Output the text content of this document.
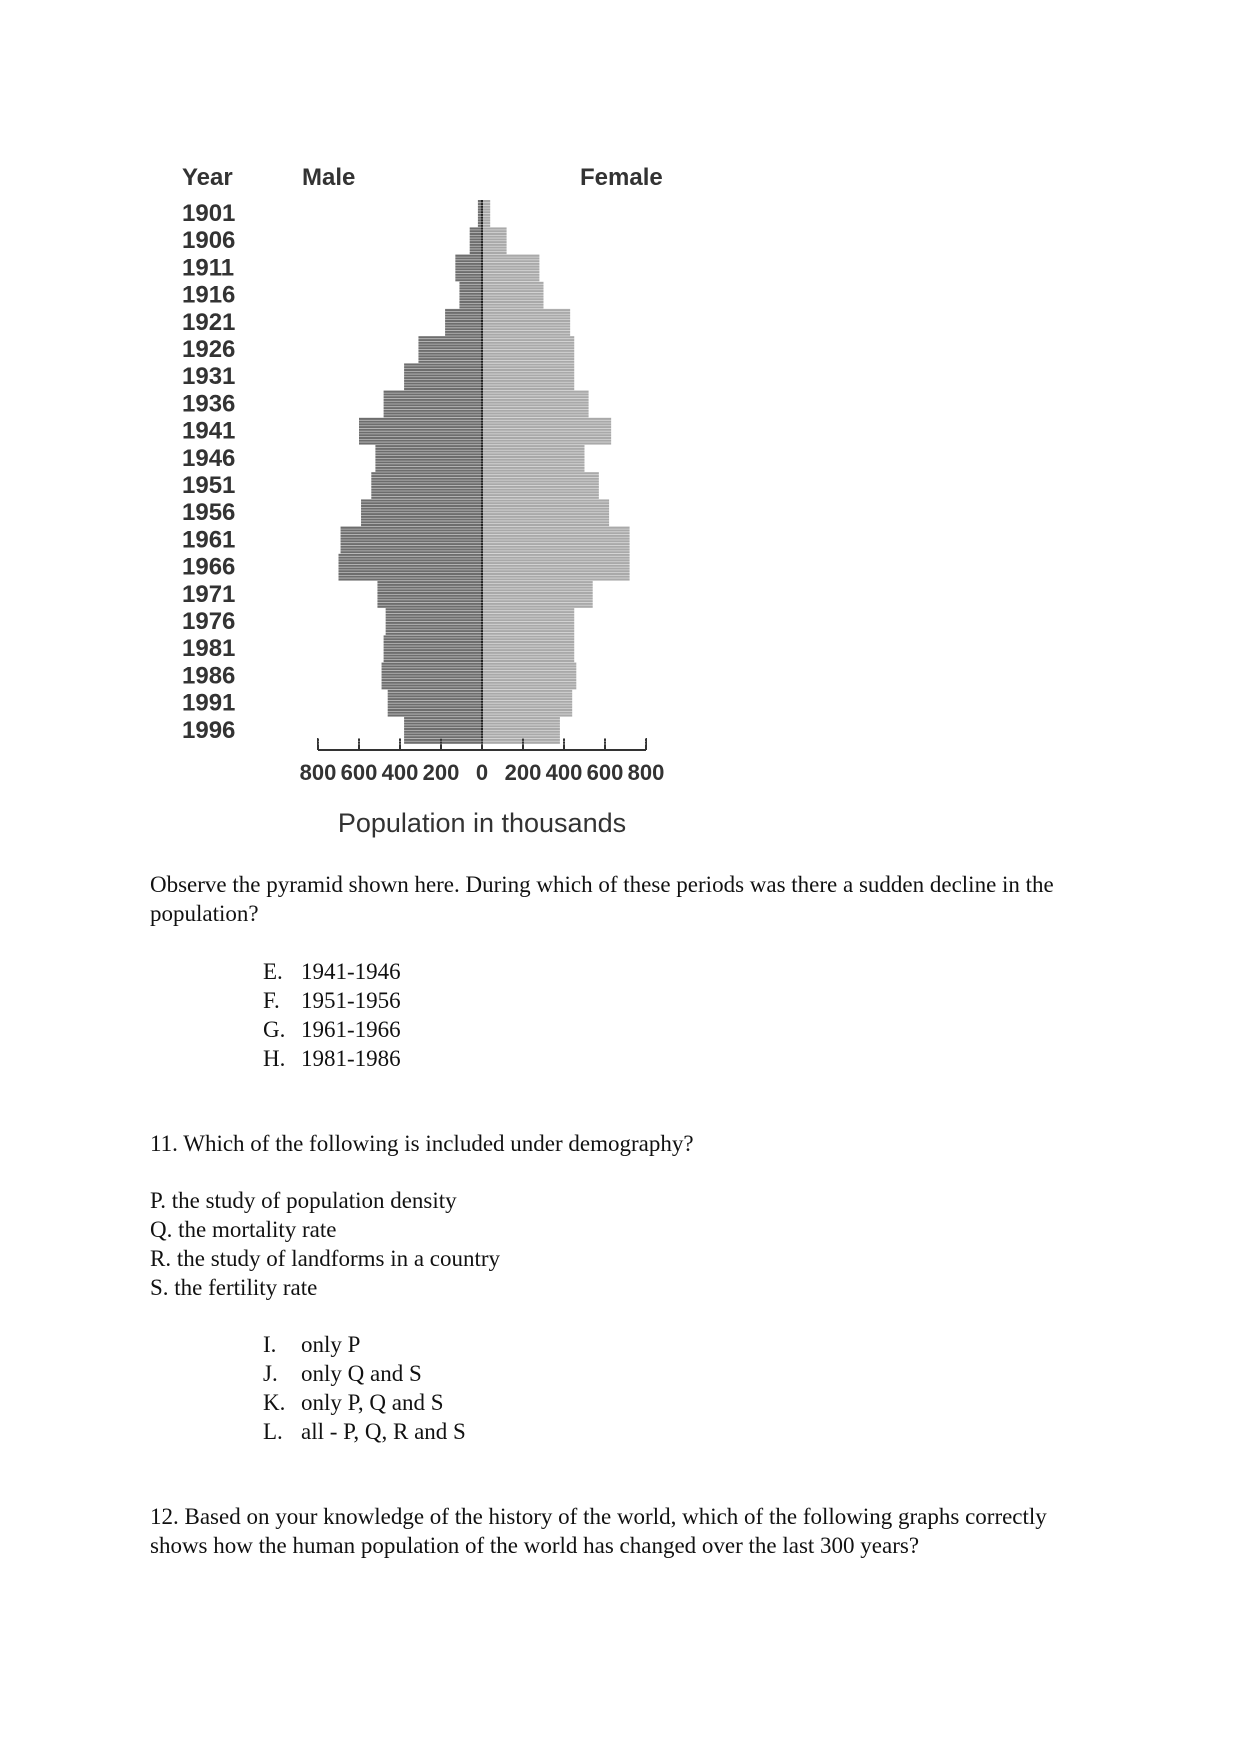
Year	Male	Female
1901
1906
1911
1916
1921
1926
1931
1936
1941
1946
1951
1956
1961
1966
1971
1976
1981
1986
1991
1996
800 600 400 200 0 200 400 600 800
Population in thousands
Observe the pyramid shown here. During which of these periods was there a sudden decline in the population?
E. 1941-1946
F. 1951-1956
G. 1961-1966
H. 1981-1986
11. Which of the following is included under demography?
P. the study of population density
Q. the mortality rate
R. the study of landforms in a country
S. the fertility rate
I.	only P
J.	only Q and S
K. only P, Q and S
L. all - P, Q, R and S
12. Based on your knowledge of the history of the world, which of the following graphs correctly shows how the human population of the world has changed over the last 300 years?
